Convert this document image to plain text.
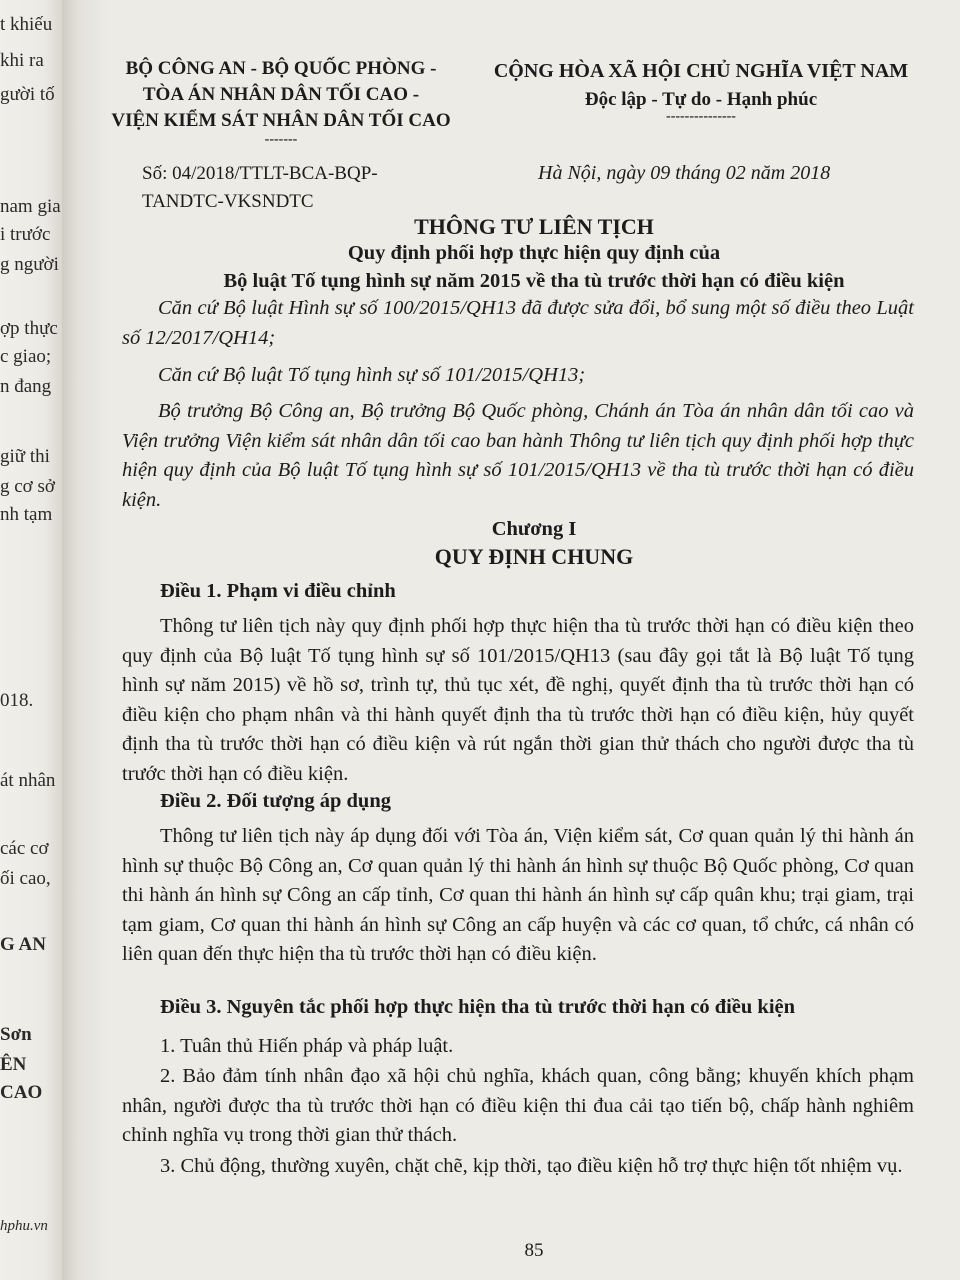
t khiếu
khi ra
gười tố
nam gia
i trước
g người
ợp thực
c giao;
n đang
giữ thi
g cơ sở
nh tạm
018.
át nhân
các cơ
ối cao,
G AN
Sơn
ÊN
CAO
hphu.vn
BỘ CÔNG AN - BỘ QUỐC PHÒNG -
TÒA ÁN NHÂN DÂN TỐI CAO -
VIỆN KIỂM SÁT NHÂN DÂN TỐI CAO
-------
CỘNG HÒA XÃ HỘI CHỦ NGHĨA VIỆT NAM
Độc lập - Tự do - Hạnh phúc
---------------
Số: 04/2018/TTLT-BCA-BQP-
TANDTC-VKSNDTC
Hà Nội, ngày 09 tháng 02 năm 2018
THÔNG TƯ LIÊN TỊCH
Quy định phối hợp thực hiện quy định của
Bộ luật Tố tụng hình sự năm 2015 về tha tù trước thời hạn có điều kiện
Căn cứ Bộ luật Hình sự số 100/2015/QH13 đã được sửa đổi, bổ sung một số điều theo Luật số 12/2017/QH14;
Căn cứ Bộ luật Tố tụng hình sự số 101/2015/QH13;
Bộ trưởng Bộ Công an, Bộ trưởng Bộ Quốc phòng, Chánh án Tòa án nhân dân tối cao và Viện trưởng Viện kiểm sát nhân dân tối cao ban hành Thông tư liên tịch quy định phối hợp thực hiện quy định của Bộ luật Tố tụng hình sự số 101/2015/QH13 về tha tù trước thời hạn có điều kiện.
Chương I
QUY ĐỊNH CHUNG
Điều 1. Phạm vi điều chỉnh
Thông tư liên tịch này quy định phối hợp thực hiện tha tù trước thời hạn có điều kiện theo quy định của Bộ luật Tố tụng hình sự số 101/2015/QH13 (sau đây gọi tắt là Bộ luật Tố tụng hình sự năm 2015) về hồ sơ, trình tự, thủ tục xét, đề nghị, quyết định tha tù trước thời hạn có điều kiện cho phạm nhân và thi hành quyết định tha tù trước thời hạn có điều kiện, hủy quyết định tha tù trước thời hạn có điều kiện và rút ngắn thời gian thử thách cho người được tha tù trước thời hạn có điều kiện.
Điều 2. Đối tượng áp dụng
Thông tư liên tịch này áp dụng đối với Tòa án, Viện kiểm sát, Cơ quan quản lý thi hành án hình sự thuộc Bộ Công an, Cơ quan quản lý thi hành án hình sự thuộc Bộ Quốc phòng, Cơ quan thi hành án hình sự Công an cấp tỉnh, Cơ quan thi hành án hình sự cấp quân khu; trại giam, trại tạm giam, Cơ quan thi hành án hình sự Công an cấp huyện và các cơ quan, tổ chức, cá nhân có liên quan đến thực hiện tha tù trước thời hạn có điều kiện.
Điều 3. Nguyên tắc phối hợp thực hiện tha tù trước thời hạn có điều kiện
1. Tuân thủ Hiến pháp và pháp luật.
2. Bảo đảm tính nhân đạo xã hội chủ nghĩa, khách quan, công bằng; khuyến khích phạm nhân, người được tha tù trước thời hạn có điều kiện thi đua cải tạo tiến bộ, chấp hành nghiêm chỉnh nghĩa vụ trong thời gian thử thách.
3. Chủ động, thường xuyên, chặt chẽ, kịp thời, tạo điều kiện hỗ trợ thực hiện tốt nhiệm vụ.
85
